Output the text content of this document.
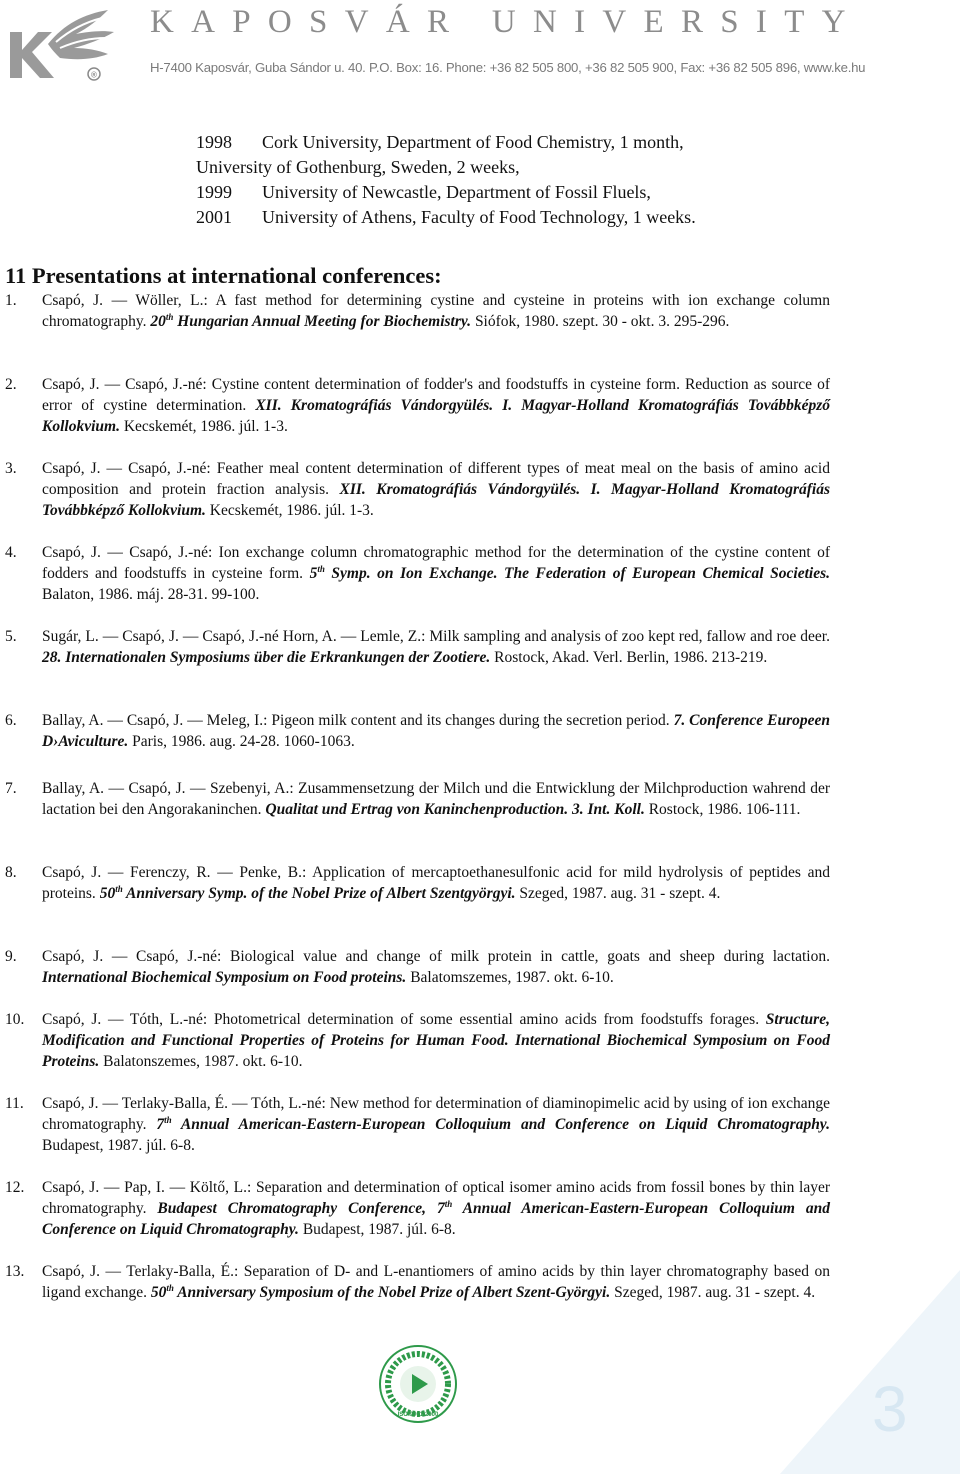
®
KAPOSVÁR UNIVERSITY
H-7400 Kaposvár, Guba Sándor u. 40. P.O. Box: 16. Phone: +36 82 505 800, +36 82 505 900, Fax: +36 82 505 896, www.ke.hu
1998	Cork University, Department of Food Chemistry, 1 month,
University of Gothenburg, Sweden, 2 weeks,
1999	University of Newcastle, Department of Fossil Fluels,
2001	University of Athens, Faculty of Food Technology, 1 weeks.
11 Presentations at international conferences:
1. Csapó, J. — Wöller, L.: A fast method for determining cystine and cysteine in proteins with ion exchange column chromatography. 20th Hungarian Annual Meeting for Biochemistry. Siófok, 1980. szept. 30 - okt. 3. 295-296.
2. Csapó, J. — Csapó, J.-né: Cystine content determination of fodder's and foodstuffs in cysteine form. Reduction as source of error of cystine determination. XII. Kromatográfiás Vándorgyülés. I. Magyar-Holland Kromatográfiás Továbbképző Kollokvium. Kecskemét, 1986. júl. 1-3.
3. Csapó, J. — Csapó, J.-né: Feather meal content determination of different types of meat meal on the basis of amino acid composition and protein fraction analysis. XII. Kromatográfiás Vándorgyülés. I. Magyar-Holland Kromatográfiás Továbbképző Kollokvium. Kecskemét, 1986. júl. 1-3.
4. Csapó, J. — Csapó, J.-né: Ion exchange column chromatographic method for the determination of the cystine content of fodders and foodstuffs in cysteine form. 5th Symp. on Ion Exchange. The Federation of European Chemical Societies. Balaton, 1986. máj. 28-31. 99-100.
5. Sugár, L. — Csapó, J. — Csapó, J.-né Horn, A. — Lemle, Z.: Milk sampling and analysis of zoo kept red, fallow and roe deer. 28. Internationalen Symposiums über die Erkrankungen der Zootiere. Rostock, Akad. Verl. Berlin, 1986. 213-219.
6. Ballay, A. — Csapó, J. — Meleg, I.: Pigeon milk content and its changes during the secretion period. 7. Conference Europeen D›Aviculture. Paris, 1986. aug. 24-28. 1060-1063.
7. Ballay, A. — Csapó, J. — Szebenyi, A.: Zusammensetzung der Milch und die Entwicklung der Milchproduction wahrend der lactation bei den Angorakaninchen. Qualitat und Ertrag von Kaninchenproduction. 3. Int. Koll. Rostock, 1986. 106-111.
8. Csapó, J. — Ferenczy, R. — Penke, B.: Application of mercaptoethanesulfonic acid for mild hydrolysis of peptides and proteins. 50th Anniversary Symp. of the Nobel Prize of Albert Szentgyörgyi. Szeged, 1987. aug. 31 - szept. 4.
9. Csapó, J. — Csapó, J.-né: Biological value and change of milk protein in cattle, goats and sheep during lactation. International Biochemical Symposium on Food proteins. Balatomszemes, 1987. okt. 6-10.
10. Csapó, J. — Tóth, L.-né: Photometrical determination of some essential amino acids from foodstuffs forages. Structure, Modification and Functional Properties of Proteins for Human Food. International Biochemical Symposium on Food Proteins. Balatonszemes, 1987. okt. 6-10.
11. Csapó, J. — Terlaky-Balla, É. — Tóth, L.-né: New method for determination of diaminopimelic acid by using of ion exchange chromatography. 7th Annual American-Eastern-European Colloquium and Conference on Liquid Chromatography. Budapest, 1987. júl. 6-8.
12. Csapó, J. — Pap, I. — Költő, L.: Separation and determination of optical isomer amino acids from fossil bones by thin layer chromatography. Budapest Chromatography Conference, 7th Annual American-Eastern-European Colloquium and Conference on Liquid Chromatography. Budapest, 1987. júl. 6-8.
13. Csapó, J. — Terlaky-Balla, É.: Separation of D- and L-enantiomers of amino acids by thin layer chromatography based on ligand exchange. 50th Anniversary Symposium of the Nobel Prize of Albert Szent-Györgyi. Szeged, 1987. aug. 31 - szept. 4.
ISO 9001:2000	3
